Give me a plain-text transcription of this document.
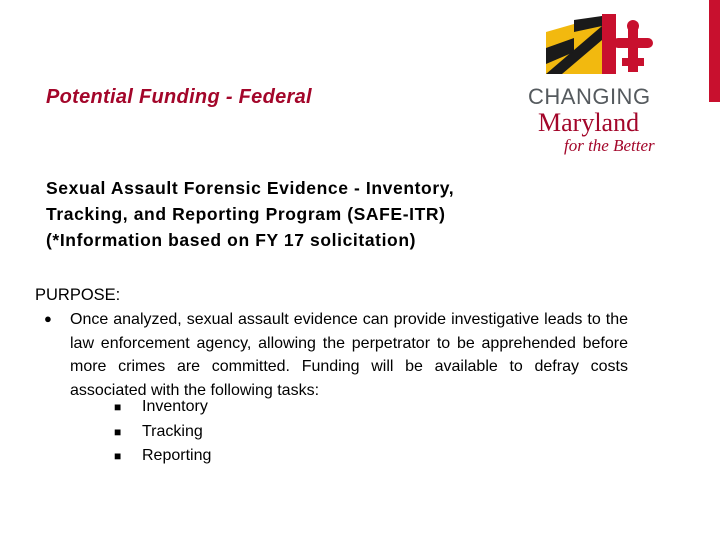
Potential Funding - Federal	CHANGING
Maryland
for the Better
Sexual Assault Forensic Evidence - Inventory,
Tracking, and Reporting Program (SAFE-ITR)
(*Information based on FY 17 solicitation)
PURPOSE:
● Once analyzed, sexual assault evidence can provide investigative leads to the law enforcement agency, allowing the perpetrator to be apprehended before more crimes are committed. Funding will be available to defray costs associated with the following tasks:
■ Inventory
■ Tracking
■ Reporting
